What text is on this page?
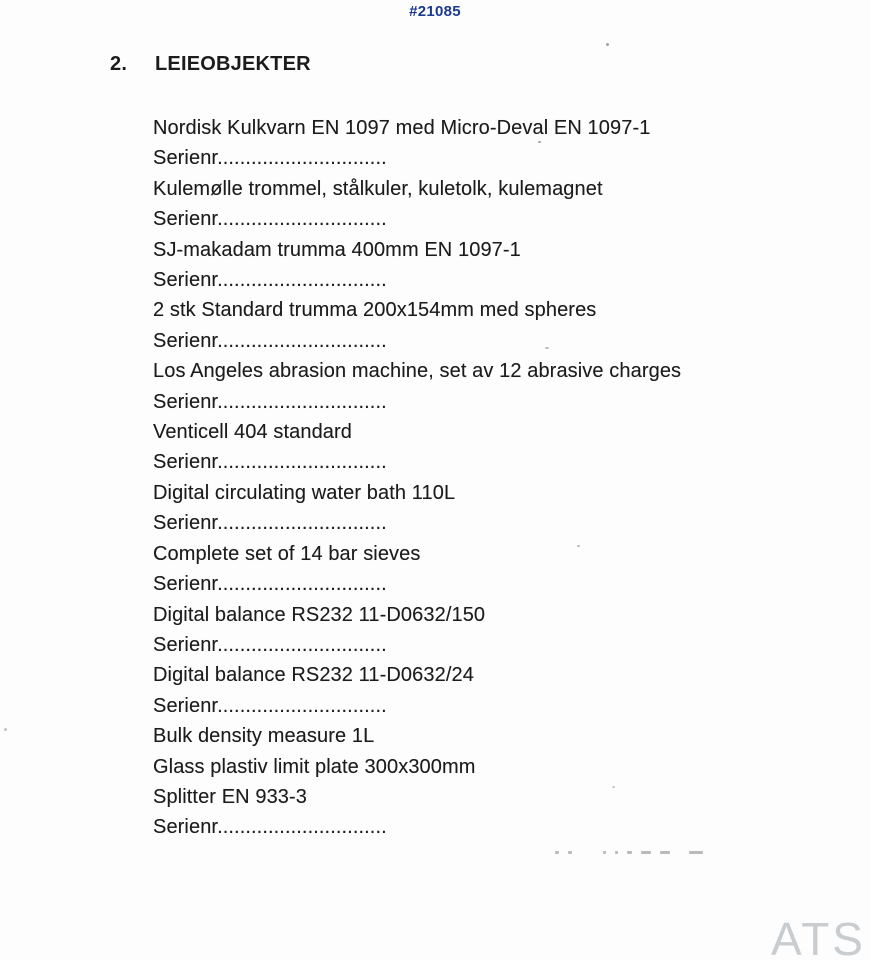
#21085
2.	LEIEOBJEKTER
Nordisk Kulkvarn EN 1097 med Micro-Deval EN 1097-1
Serienr..............................
Kulemølle trommel, stålkuler, kuletolk, kulemagnet
Serienr..............................
SJ-makadam trumma 400mm EN 1097-1
Serienr..............................
2 stk Standard trumma 200x154mm med spheres
Serienr..............................
Los Angeles abrasion machine, set av 12 abrasive charges
Serienr..............................
Venticell 404 standard
Serienr..............................
Digital circulating water bath 110L
Serienr..............................
Complete set of 14 bar sieves
Serienr..............................
Digital balance RS232 11-D0632/150
Serienr..............................
Digital balance RS232 11-D0632/24
Serienr..............................
Bulk density measure 1L
Glass plastiv limit plate 300x300mm
Splitter EN 933-3
Serienr..............................
ATS
